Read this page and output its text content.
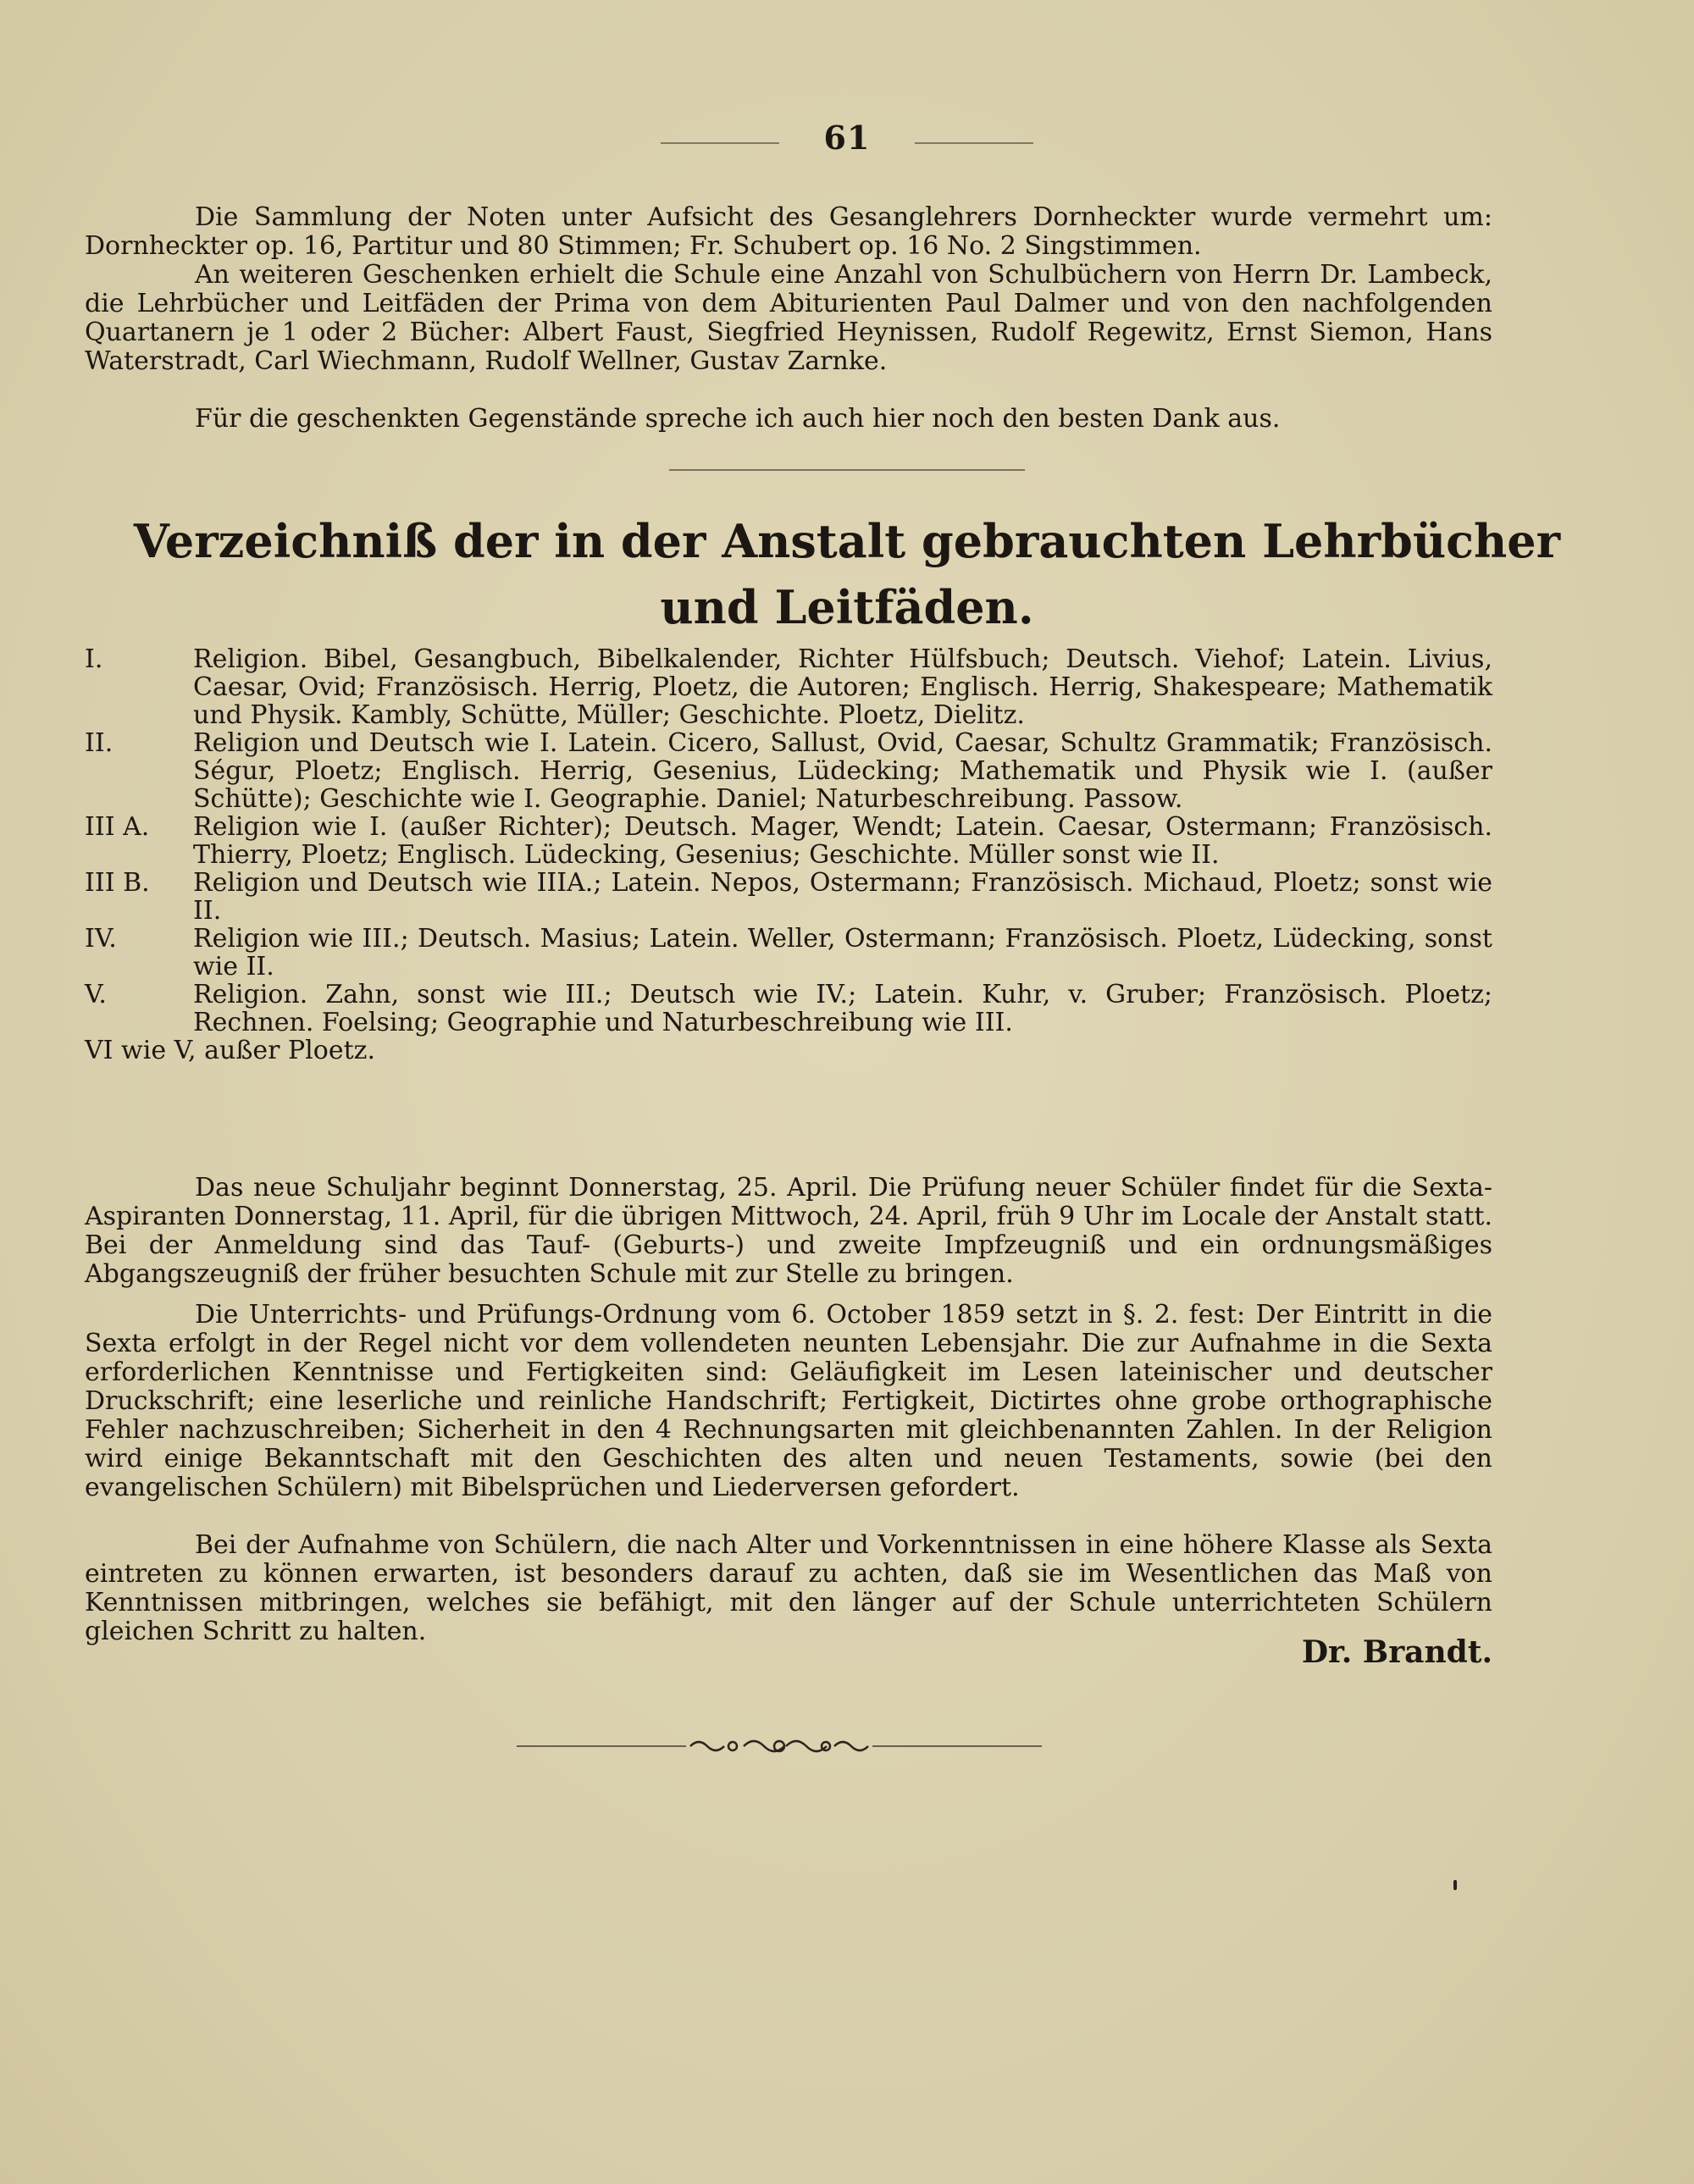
61

Die Sammlung der Noten unter Aufsicht des Gesanglehrers Dornheckter wurde vermehrt um: Dornheckter op. 16, Partitur und 80 Stimmen; Fr. Schubert op. 16 No. 2 Singstimmen.

An weiteren Geschenken erhielt die Schule eine Anzahl von Schulbüchern von Herrn Dr. Lambeck, die Lehrbücher und Leitfäden der Prima von dem Abiturienten Paul Dalmer und von den nachfolgenden Quartanern je 1 oder 2 Bücher: Albert Faust, Siegfried Heynissen, Rudolf Regewitz, Ernst Siemon, Hans Waterstradt, Carl Wiechmann, Rudolf Wellner, Gustav Zarnke.

Für die geschenkten Gegenstände spreche ich auch hier noch den besten Dank aus.

Verzeichniß der in der Anstalt gebrauchten Lehrbücher
und Leitfäden.
I.	Religion. Bibel, Gesangbuch, Bibelkalender, Richter Hülfsbuch; Deutsch. Viehof; Latein. Livius, Caesar, Ovid; Französisch. Herrig, Ploetz, die Autoren; Englisch. Herrig, Shakespeare; Mathematik und Physik. Kambly, Schütte, Müller; Geschichte. Ploetz, Dielitz.
II.	Religion und Deutsch wie I. Latein. Cicero, Sallust, Ovid, Caesar, Schultz Grammatik; Französisch. Ségur, Ploetz; Englisch. Herrig, Gesenius, Lüdecking; Mathematik und Physik wie I. (außer Schütte); Geschichte wie I. Geographie. Daniel; Naturbeschreibung. Passow.
III A.	Religion wie I. (außer Richter); Deutsch. Mager, Wendt; Latein. Caesar, Ostermann; Französisch. Thierry, Ploetz; Englisch. Lüdecking, Gesenius; Geschichte. Müller sonst wie II.
III B.	Religion und Deutsch wie IIIA.; Latein. Nepos, Ostermann; Französisch. Michaud, Ploetz; sonst wie II.
IV.	Religion wie III.; Deutsch. Masius; Latein. Weller, Ostermann; Französisch. Ploetz, Lüdecking, sonst wie II.
V.	Religion. Zahn, sonst wie III.; Deutsch wie IV.; Latein. Kuhr, v. Gruber; Französisch. Ploetz; Rechnen. Foelsing; Geographie und Naturbeschreibung wie III.
VI wie V, außer Ploetz.

Das neue Schuljahr beginnt Donnerstag, 25. April. Die Prüfung neuer Schüler findet für die Sexta-Aspiranten Donnerstag, 11. April, für die übrigen Mittwoch, 24. April, früh 9 Uhr im Locale der Anstalt statt. Bei der Anmeldung sind das Tauf- (Geburts-) und zweite Impfzeugniß und ein ordnungsmäßiges Abgangszeugniß der früher besuchten Schule mit zur Stelle zu bringen.

Die Unterrichts- und Prüfungs-Ordnung vom 6. October 1859 setzt in §. 2. fest: Der Eintritt in die Sexta erfolgt in der Regel nicht vor dem vollendeten neunten Lebensjahr. Die zur Aufnahme in die Sexta erforderlichen Kenntnisse und Fertigkeiten sind: Geläufigkeit im Lesen lateinischer und deutscher Druckschrift; eine leserliche und reinliche Handschrift; Fertigkeit, Dictirtes ohne grobe orthographische Fehler nachzuschreiben; Sicherheit in den 4 Rechnungsarten mit gleichbenannten Zahlen. In der Religion wird einige Bekanntschaft mit den Geschichten des alten und neuen Testaments, sowie (bei den evangelischen Schülern) mit Bibelsprüchen und Liederversen gefordert.

Bei der Aufnahme von Schülern, die nach Alter und Vorkenntnissen in eine höhere Klasse als Sexta eintreten zu können erwarten, ist besonders darauf zu achten, daß sie im Wesentlichen das Maß von Kenntnissen mitbringen, welches sie befähigt, mit den länger auf der Schule unterrichteten Schülern gleichen Schritt zu halten.

Dr. Brandt.
